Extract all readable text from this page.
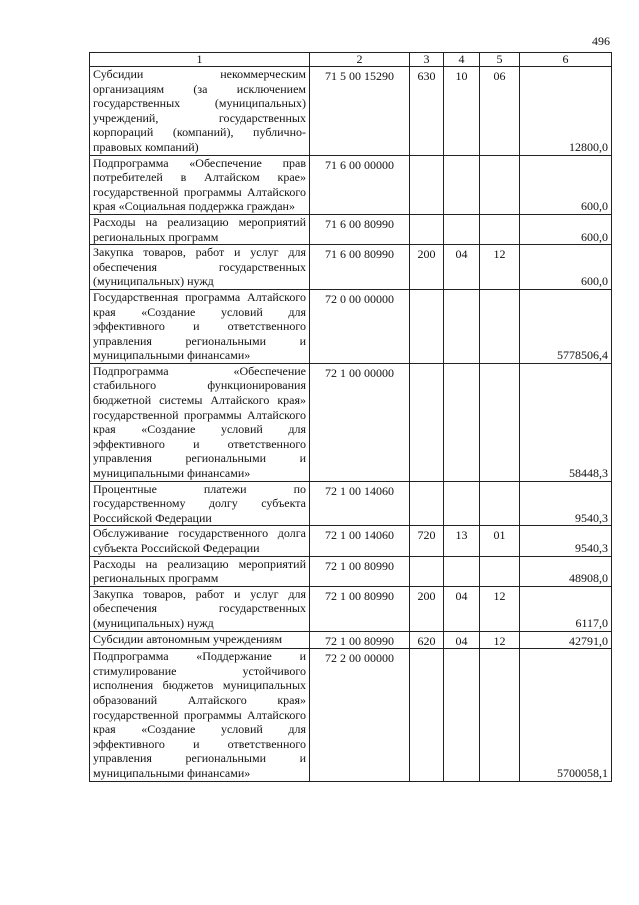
496
1	2	3	4	5	6
Субсидии некоммерческим организациям (за исключением государственных (муниципальных) учреждений, государственных корпораций (компаний), публично-правовых компаний)	71 5 00 15290	630	10	06	12800,0
Подпрограмма «Обеспечение прав потребителей в Алтайском крае» государственной программы Алтайского края «Социальная поддержка граждан»	71 6 00 00000				600,0
Расходы на реализацию мероприятий региональных программ	71 6 00 80990				600,0
Закупка товаров, работ и услуг для обеспечения государственных (муниципальных) нужд	71 6 00 80990	200	04	12	600,0
Государственная программа Алтайского края «Создание условий для эффективного и ответственного управления региональными и муниципальными финансами»	72 0 00 00000				5778506,4
Подпрограмма «Обеспечение стабильного функционирования бюджетной системы Алтайского края» государственной программы Алтайского края «Создание условий для эффективного и ответственного управления региональными и муниципальными финансами»	72 1 00 00000				58448,3
Процентные платежи по государственному долгу субъекта Российской Федерации	72 1 00 14060				9540,3
Обслуживание государственного долга субъекта Российской Федерации	72 1 00 14060	720	13	01	9540,3
Расходы на реализацию мероприятий региональных программ	72 1 00 80990				48908,0
Закупка товаров, работ и услуг для обеспечения государственных (муниципальных) нужд	72 1 00 80990	200	04	12	6117,0
Субсидии автономным учреждениям	72 1 00 80990	620	04	12	42791,0
Подпрограмма «Поддержание и стимулирование устойчивого исполнения бюджетов муниципальных образований Алтайского края» государственной программы Алтайского края «Создание условий для эффективного и ответственного управления региональными и муниципальными финансами»	72 2 00 00000				5700058,1
